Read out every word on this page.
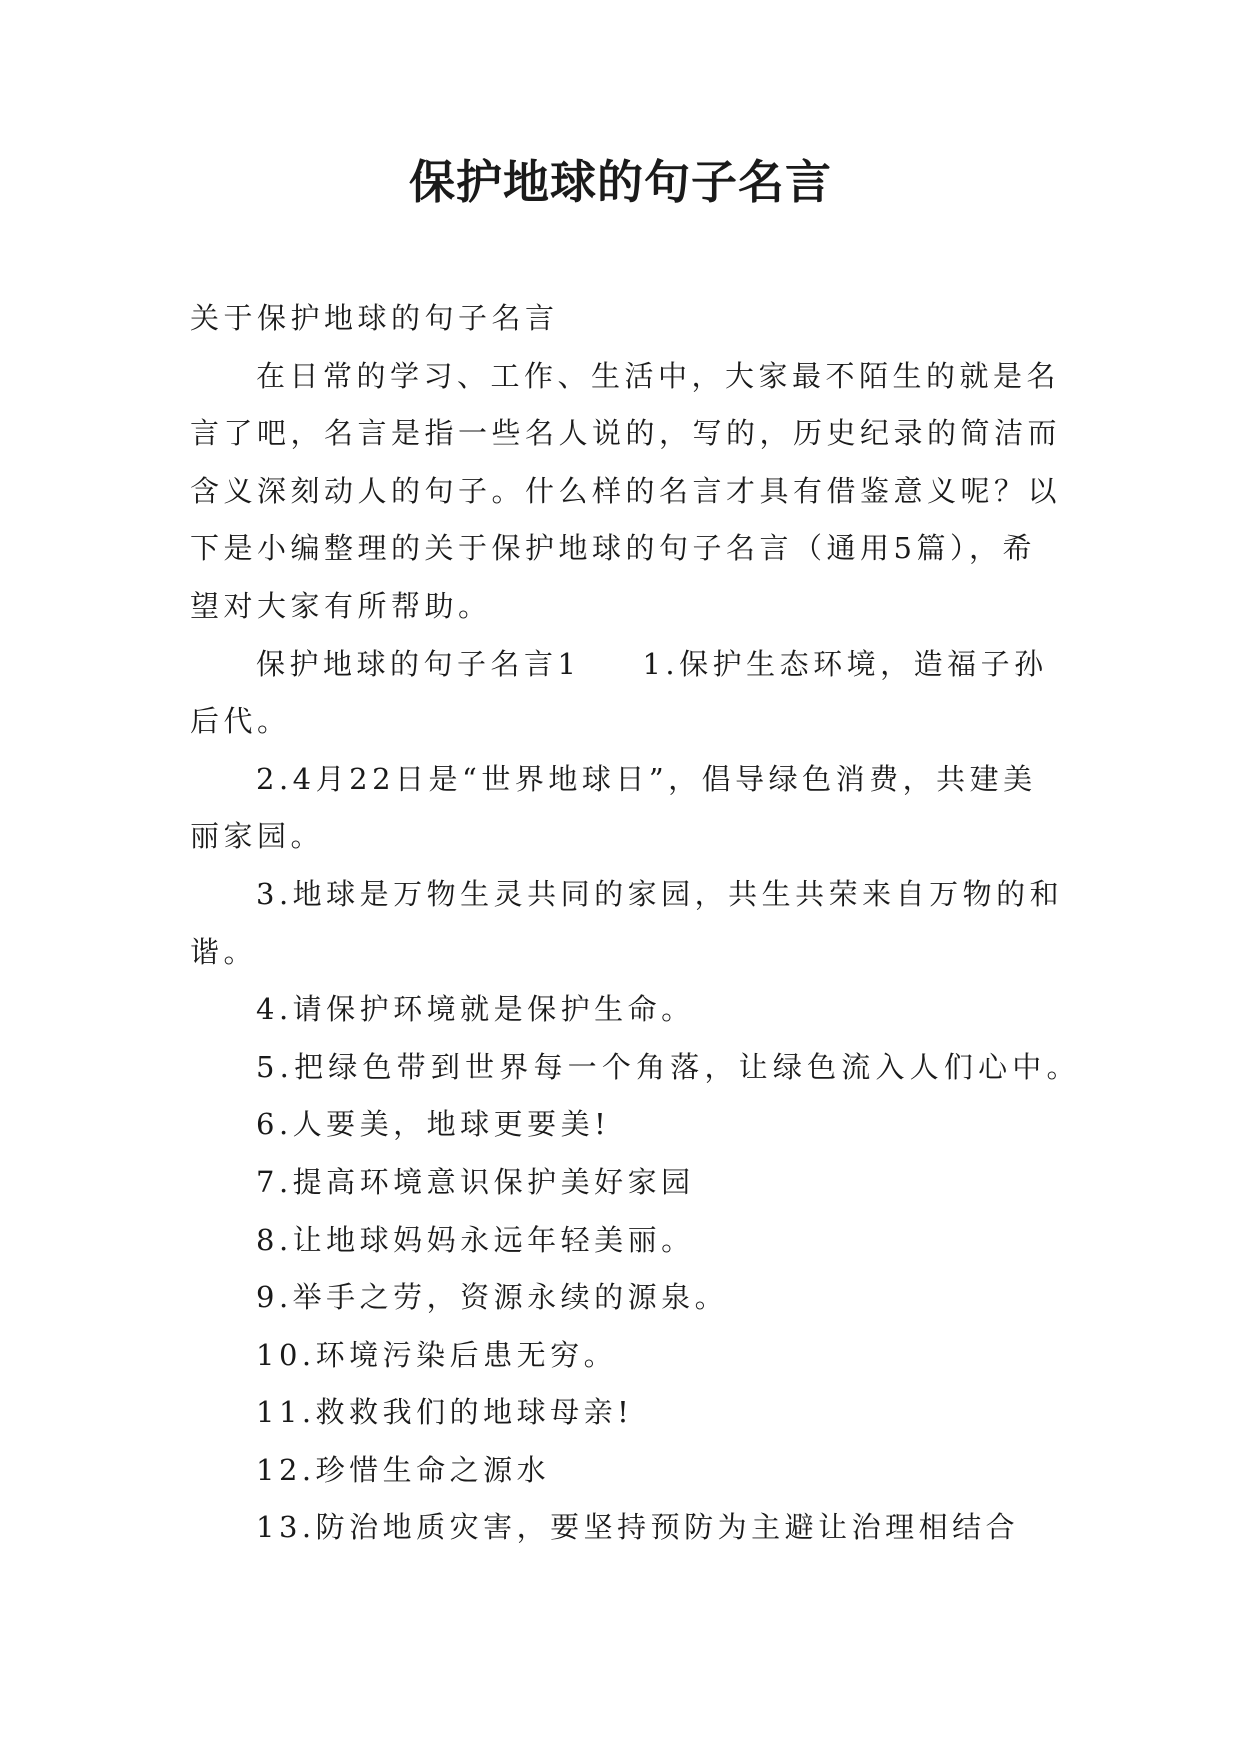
保护地球的句子名言

关于保护地球的句子名言

在日常的学习、工作、生活中，大家最不陌生的就是名

言了吧，名言是指一些名人说的，写的，历史纪录的简洁而

含义深刻动人的句子。什么样的名言才具有借鉴意义呢？以

下是小编整理的关于保护地球的句子名言（通用5篇），希

望对大家有所帮助。

保护地球的句子名言1 1.保护生态环境，造福子孙

后代。

2.4月22日是“世界地球日”，倡导绿色消费，共建美

丽家园。

3.地球是万物生灵共同的家园，共生共荣来自万物的和

谐。

4.请保护环境就是保护生命。

5.把绿色带到世界每一个角落，让绿色流入人们心中。

6.人要美，地球更要美!

7.提高环境意识保护美好家园

8.让地球妈妈永远年轻美丽。

9.举手之劳，资源永续的源泉。

10.环境污染后患无穷。

11.救救我们的地球母亲!

12.珍惜生命之源水

13.防治地质灾害，要坚持预防为主避让治理相结合
